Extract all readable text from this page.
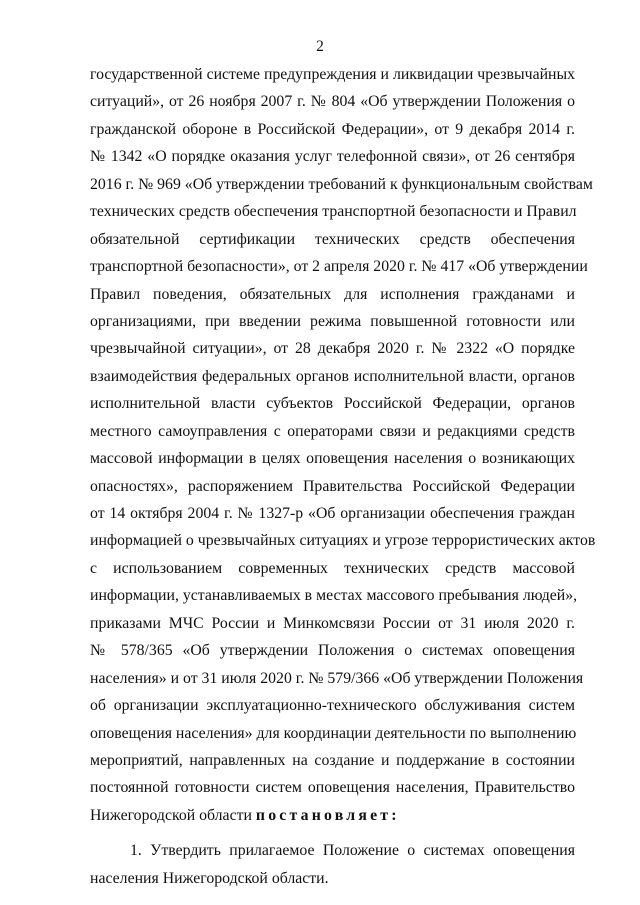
2
государственной системе предупреждения и ликвидации чрезвычайных
ситуаций», от 26 ноября 2007 г. № 804 «Об утверждении Положения о
гражданской обороне в Российской Федерации», от 9 декабря 2014 г.
№ 1342 «О порядке оказания услуг телефонной связи», от 26 сентября
2016 г. № 969 «Об утверждении требований к функциональным свойствам
технических средств обеспечения транспортной безопасности и Правил
обязательной сертификации технических средств обеспечения
транспортной безопасности», от 2 апреля 2020 г. № 417 «Об утверждении
Правил поведения, обязательных для исполнения гражданами и
организациями, при введении режима повышенной готовности или
чрезвычайной ситуации», от 28 декабря 2020 г. № 2322 «О порядке
взаимодействия федеральных органов исполнительной власти, органов
исполнительной власти субъектов Российской Федерации, органов
местного самоуправления с операторами связи и редакциями средств
массовой информации в целях оповещения населения о возникающих
опасностях», распоряжением Правительства Российской Федерации
от 14 октября 2004 г. № 1327-р «Об организации обеспечения граждан
информацией о чрезвычайных ситуациях и угрозе террористических актов
с использованием современных технических средств массовой
информации, устанавливаемых в местах массового пребывания людей»,
приказами МЧС России и Минкомсвязи России от 31 июля 2020 г.
№ 578/365 «Об утверждении Положения о системах оповещения
населения» и от 31 июля 2020 г. № 579/366 «Об утверждении Положения
об организации эксплуатационно-технического обслуживания систем
оповещения населения» для координации деятельности по выполнению
мероприятий, направленных на создание и поддержание в состоянии
постоянной готовности систем оповещения населения, Правительство
Нижегородской области постановляет:
1. Утвердить прилагаемое Положение о системах оповещения
населения Нижегородской области.
